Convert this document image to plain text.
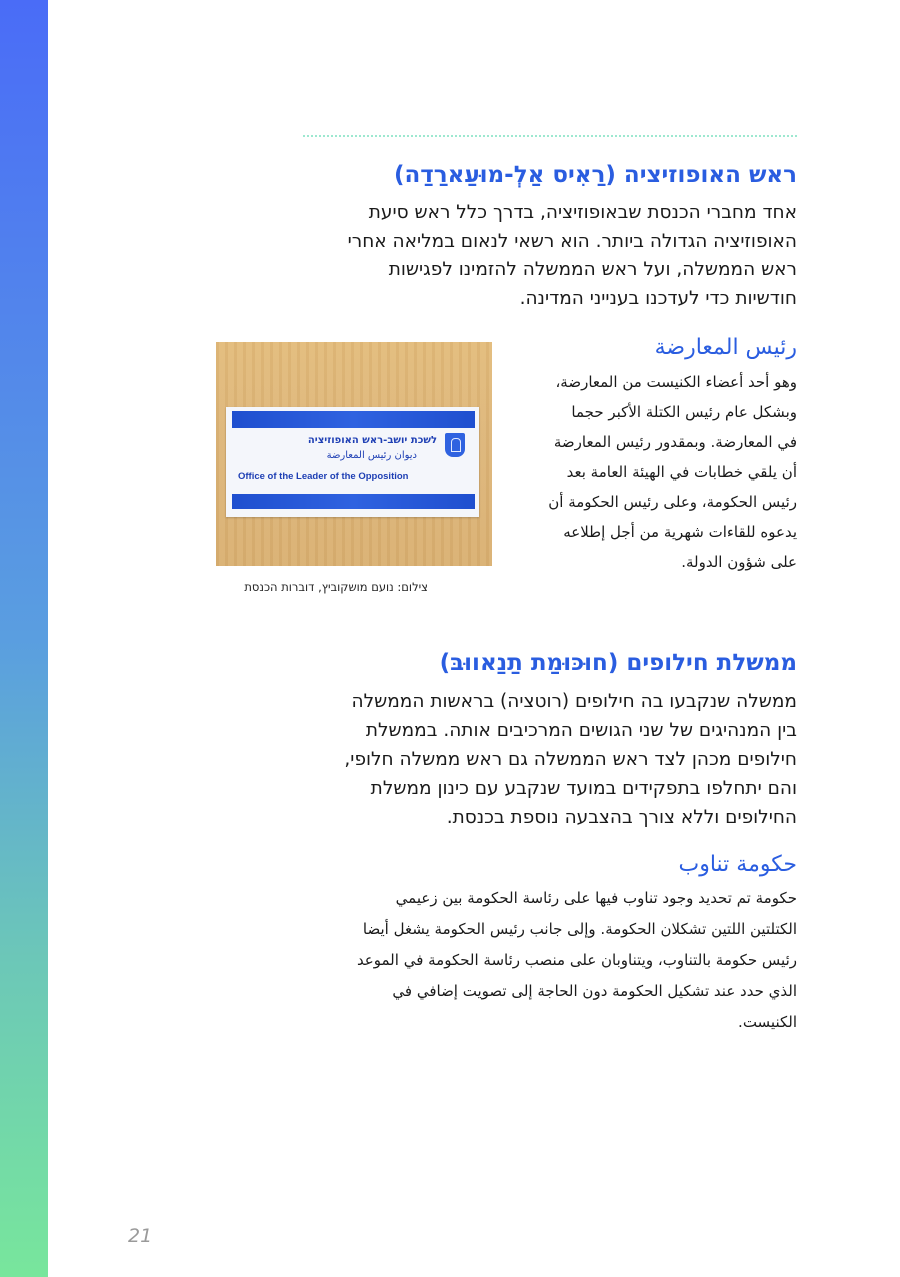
ראש האופוזיציה (רַאִיס אַלְ-מוּעַארַדַה)
אחד מחברי הכנסת שבאופוזיציה, בדרך כלל ראש סיעת
האופוזיציה הגדולה ביותר. הוא רשאי לנאום במליאה אחרי
ראש הממשלה, ועל ראש הממשלה להזמינו לפגישות
חודשיות כדי לעדכנו בענייני המדינה.
رئيس المعارضة
وهو أحد أعضاء الكنيست من المعارضة،
وبشكل عام رئيس الكتلة الأكبر حجما
في المعارضة. وبمقدور رئيس المعارضة
أن يلقي خطابات في الهيئة العامة بعد
رئيس الحكومة، وعلى رئيس الحكومة أن
يدعوه للقاءات شهرية من أجل إطلاعه
على شؤون الدولة.
לשכת יושב-ראש האופוזיציה
ديوان رئيس المعارضة
Office of the Leader of the Opposition
צילום: נועם מושקוביץ, דוברות הכנסת
ממשלת חילופים (חוּכּוּמַת תַנַאווּבּ)
ממשלה שנקבעו בה חילופים (רוטציה) בראשות הממשלה
בין המנהיגים של שני הגושים המרכיבים אותה. בממשלת
חילופים מכהן לצד ראש הממשלה גם ראש ממשלה חלופי,
והם יתחלפו בתפקידים במועד שנקבע עם כינון ממשלת
החילופים וללא צורך בהצבעה נוספת בכנסת.
حكومة تناوب
حكومة تم تحديد وجود تناوب فيها على رئاسة الحكومة بين زعيمي
الكتلتين اللتين تشكلان الحكومة. وإلى جانب رئيس الحكومة يشغل أيضا
رئيس حكومة بالتناوب، ويتناوبان على منصب رئاسة الحكومة في الموعد
الذي حدد عند تشكيل الحكومة دون الحاجة إلى تصويت إضافي في
الكنيست.
21
